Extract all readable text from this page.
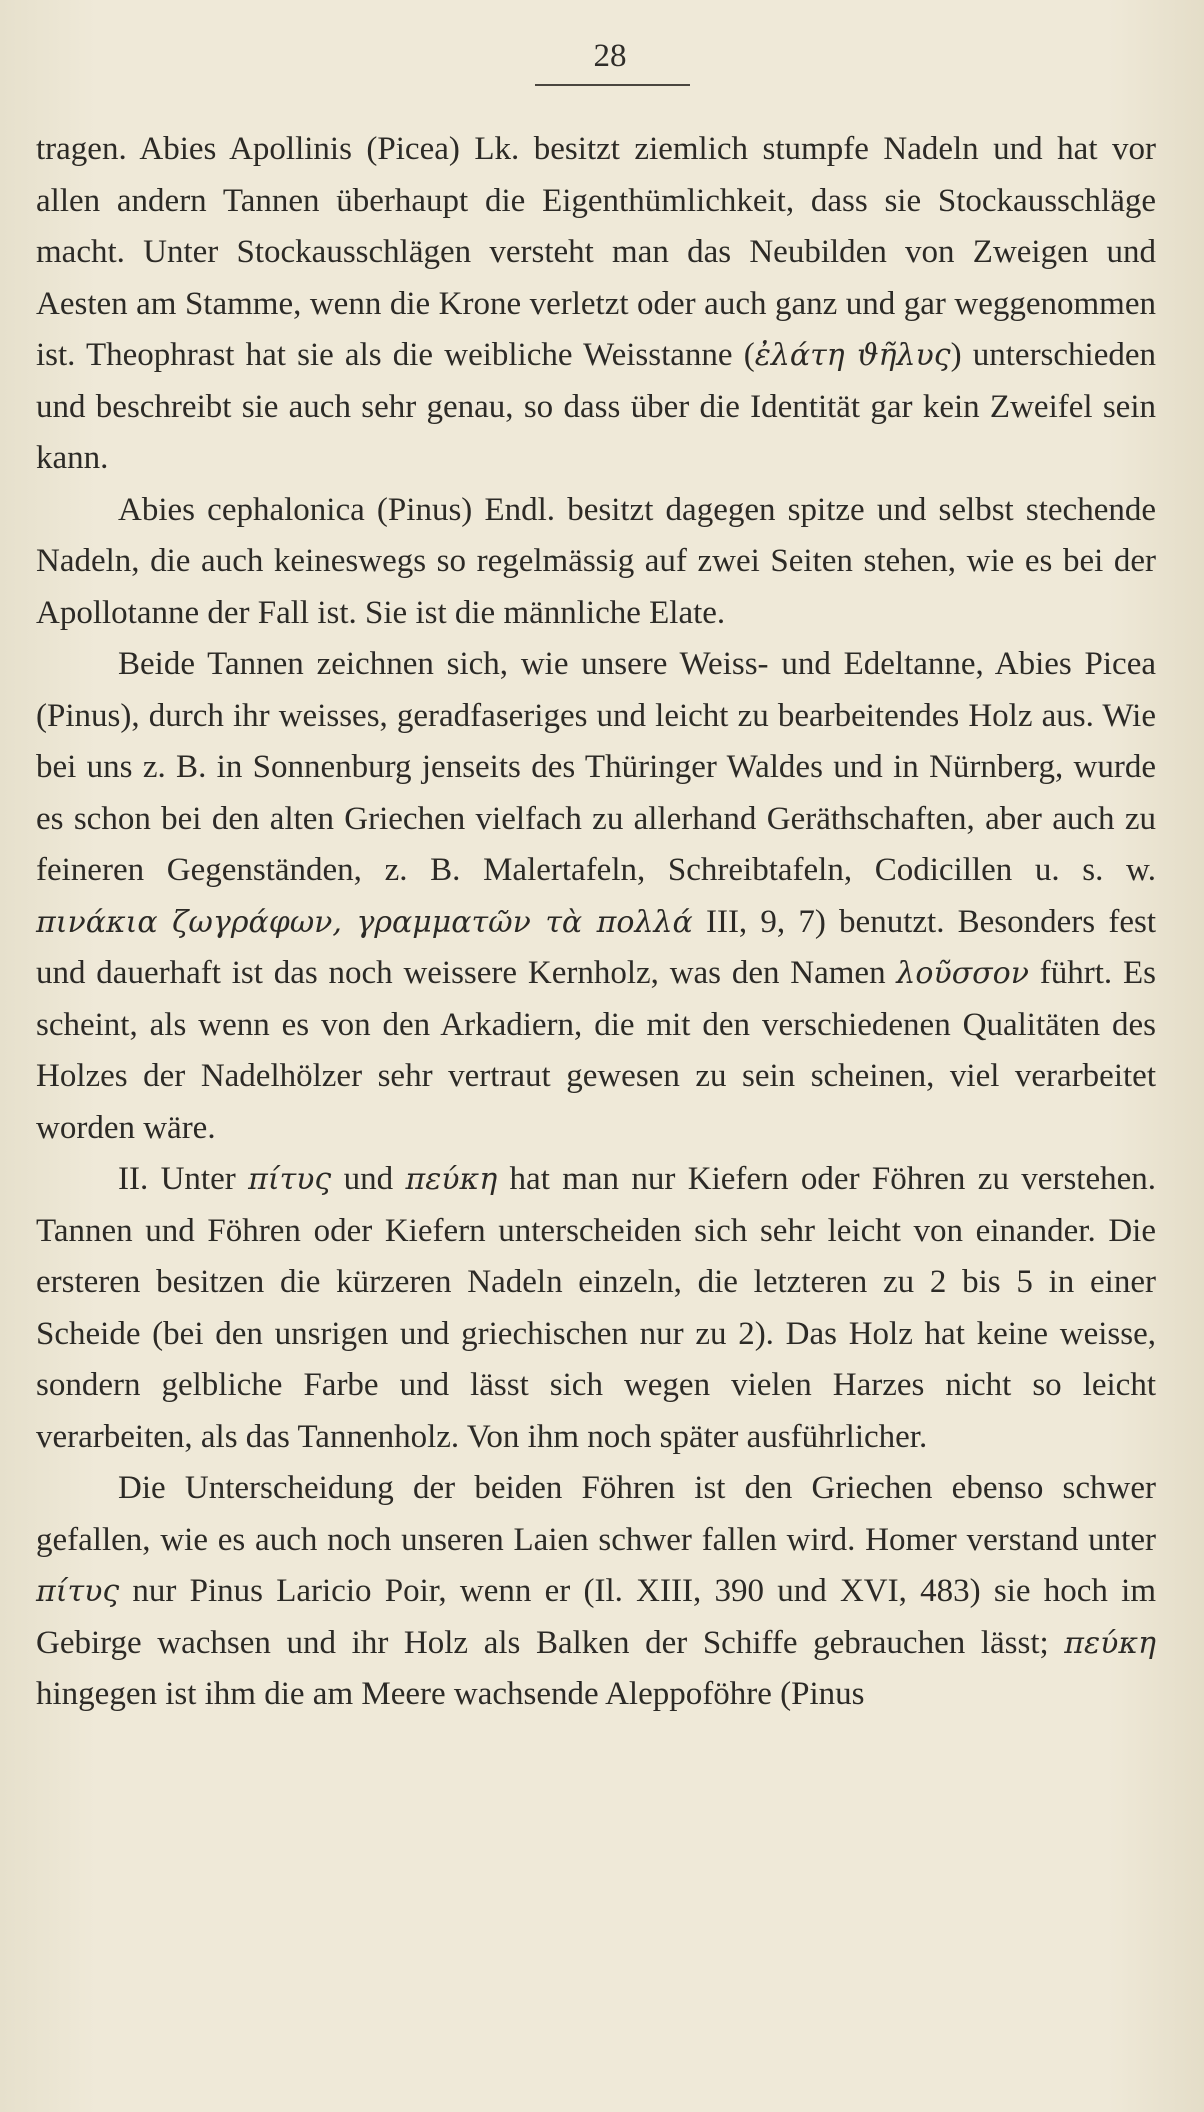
28

tragen. Abies Apollinis (Picea) Lk. besitzt ziemlich stumpfe Nadeln und hat vor allen andern Tannen überhaupt die Eigenthümlichkeit, dass sie Stockausschläge macht. Unter Stockausschlägen versteht man das Neubilden von Zweigen und Aesten am Stamme, wenn die Krone verletzt oder auch ganz und gar weggenommen ist. Theophrast hat sie als die weibliche Weisstanne (ἐλάτη ϑῆλυς) unterschieden und beschreibt sie auch sehr genau, so dass über die Identität gar kein Zweifel sein kann.

Abies cephalonica (Pinus) Endl. besitzt dagegen spitze und selbst stechende Nadeln, die auch keineswegs so regelmässig auf zwei Seiten stehen, wie es bei der Apollotanne der Fall ist. Sie ist die männliche Elate.

Beide Tannen zeichnen sich, wie unsere Weiss- und Edeltanne, Abies Picea (Pinus), durch ihr weisses, geradfaseriges und leicht zu bearbeitendes Holz aus. Wie bei uns z. B. in Sonnenburg jenseits des Thüringer Waldes und in Nürnberg, wurde es schon bei den alten Griechen vielfach zu allerhand Geräthschaften, aber auch zu feineren Gegenständen, z. B. Malertafeln, Schreibtafeln, Codicillen u. s. w. πινάκια ζωγράφων, γραμματῶν τὰ πολλά III, 9, 7) benutzt. Besonders fest und dauerhaft ist das noch weissere Kernholz, was den Namen λοῦσσον führt. Es scheint, als wenn es von den Arkadiern, die mit den verschiedenen Qualitäten des Holzes der Nadelhölzer sehr vertraut gewesen zu sein scheinen, viel verarbeitet worden wäre.

II. Unter πίτυς und πεύκη hat man nur Kiefern oder Föhren zu verstehen. Tannen und Föhren oder Kiefern unterscheiden sich sehr leicht von einander. Die ersteren besitzen die kürzeren Nadeln einzeln, die letzteren zu 2 bis 5 in einer Scheide (bei den unsrigen und griechischen nur zu 2). Das Holz hat keine weisse, sondern gelbliche Farbe und lässt sich wegen vielen Harzes nicht so leicht verarbeiten, als das Tannenholz. Von ihm noch später ausführlicher.

Die Unterscheidung der beiden Föhren ist den Griechen ebenso schwer gefallen, wie es auch noch unseren Laien schwer fallen wird. Homer verstand unter πίτυς nur Pinus Laricio Poir, wenn er (Il. XIII, 390 und XVI, 483) sie hoch im Gebirge wachsen und ihr Holz als Balken der Schiffe gebrauchen lässt; πεύκη hingegen ist ihm die am Meere wachsende Aleppoföhre (Pinus
